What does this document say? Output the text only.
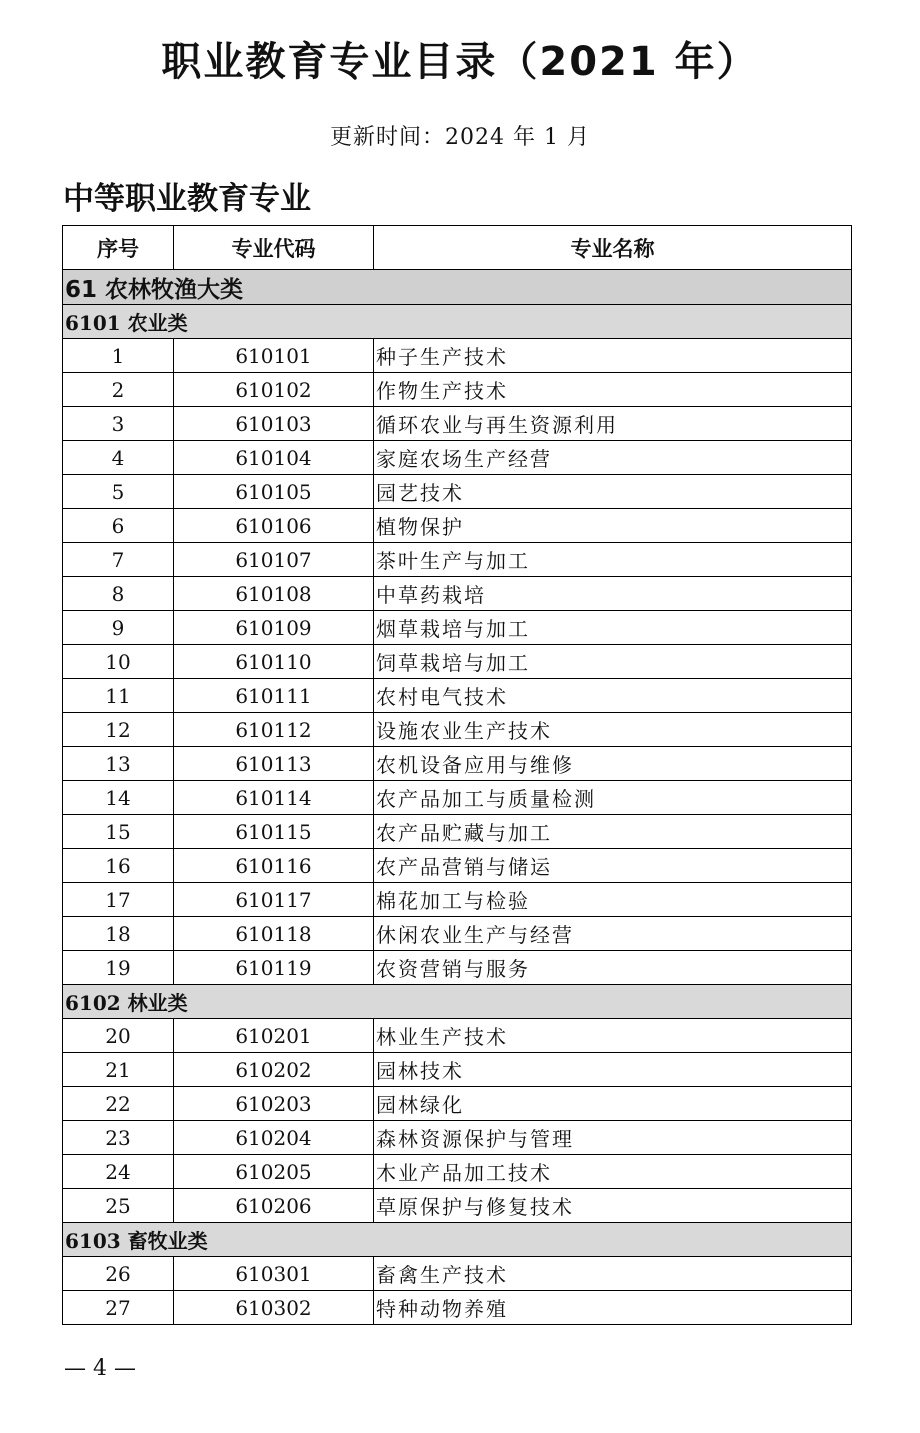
职业教育专业目录（2021 年）
更新时间：2024 年 1 月
中等职业教育专业
序号	专业代码	专业名称
61 农林牧渔大类		
6101 农业类		
1	610101	种子生产技术
2	610102	作物生产技术
3	610103	循环农业与再生资源利用
4	610104	家庭农场生产经营
5	610105	园艺技术
6	610106	植物保护
7	610107	茶叶生产与加工
8	610108	中草药栽培
9	610109	烟草栽培与加工
10	610110	饲草栽培与加工
11	610111	农村电气技术
12	610112	设施农业生产技术
13	610113	农机设备应用与维修
14	610114	农产品加工与质量检测
15	610115	农产品贮藏与加工
16	610116	农产品营销与储运
17	610117	棉花加工与检验
18	610118	休闲农业生产与经营
19	610119	农资营销与服务
6102 林业类		
20	610201	林业生产技术
21	610202	园林技术
22	610203	园林绿化
23	610204	森林资源保护与管理
24	610205	木业产品加工技术
25	610206	草原保护与修复技术
6103 畜牧业类		
26	610301	畜禽生产技术
27	610302	特种动物养殖
— 4 —
